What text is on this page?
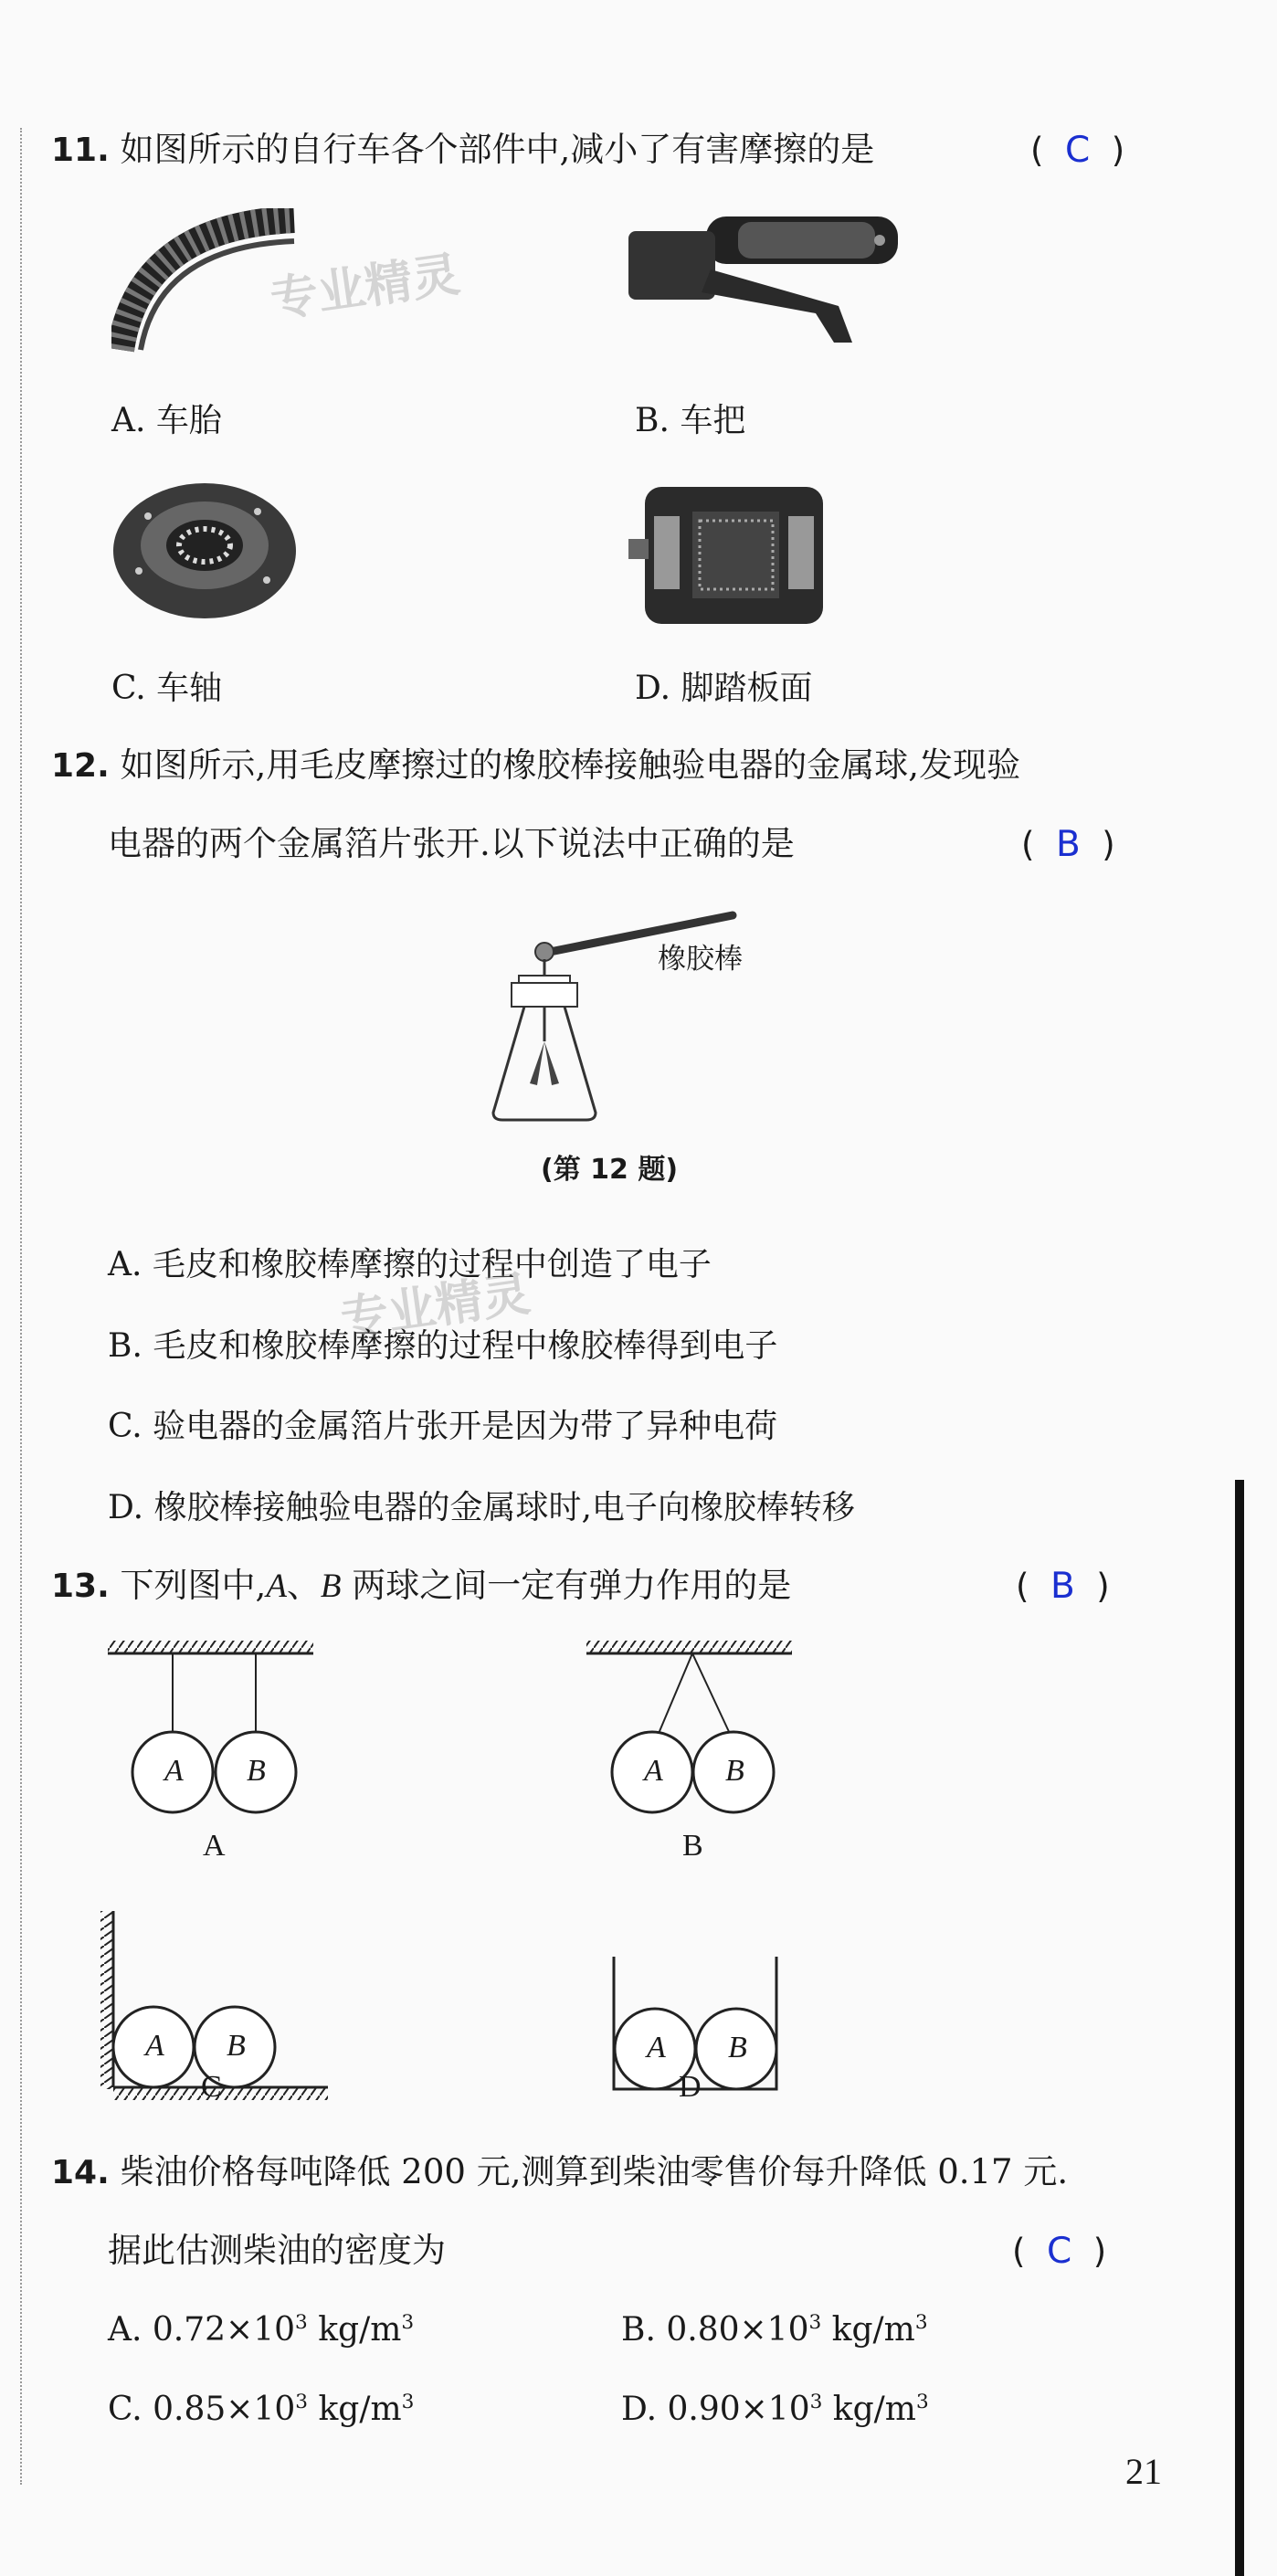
11. 如图所示的自行车各个部件中,减小了有害摩擦的是	(  C  )
专业精灵
A. 车胎	B. 车把
C. 车轴	D. 脚踏板面
12. 如图所示,用毛皮摩擦过的橡胶棒接触验电器的金属球,发现验
电器的两个金属箔片张开.以下说法中正确的是	(  B  )
橡胶棒
(第 12 题)
A. 毛皮和橡胶棒摩擦的过程中创造了电子
专业精灵
B. 毛皮和橡胶棒摩擦的过程中橡胶棒得到电子
C. 验电器的金属箔片张开是因为带了异种电荷
D. 橡胶棒接触验电器的金属球时,电子向橡胶棒转移
13. 下列图中,A、B 两球之间一定有弹力作用的是	(  B  )
A B	A B
A B	A B
A	B
C	D
14. 柴油价格每吨降低 200 元,测算到柴油零售价每升降低 0.17 元.
据此估测柴油的密度为	(  C  )
A. $0.72\times 10^3$ $kg/m^3$	B. $0.80\times 10^3$ $kg/m^3$
C. $0.85\times 10^3$ $kg/m^3$	D. $0.90\times 10^3$ $kg/m^3$
21
